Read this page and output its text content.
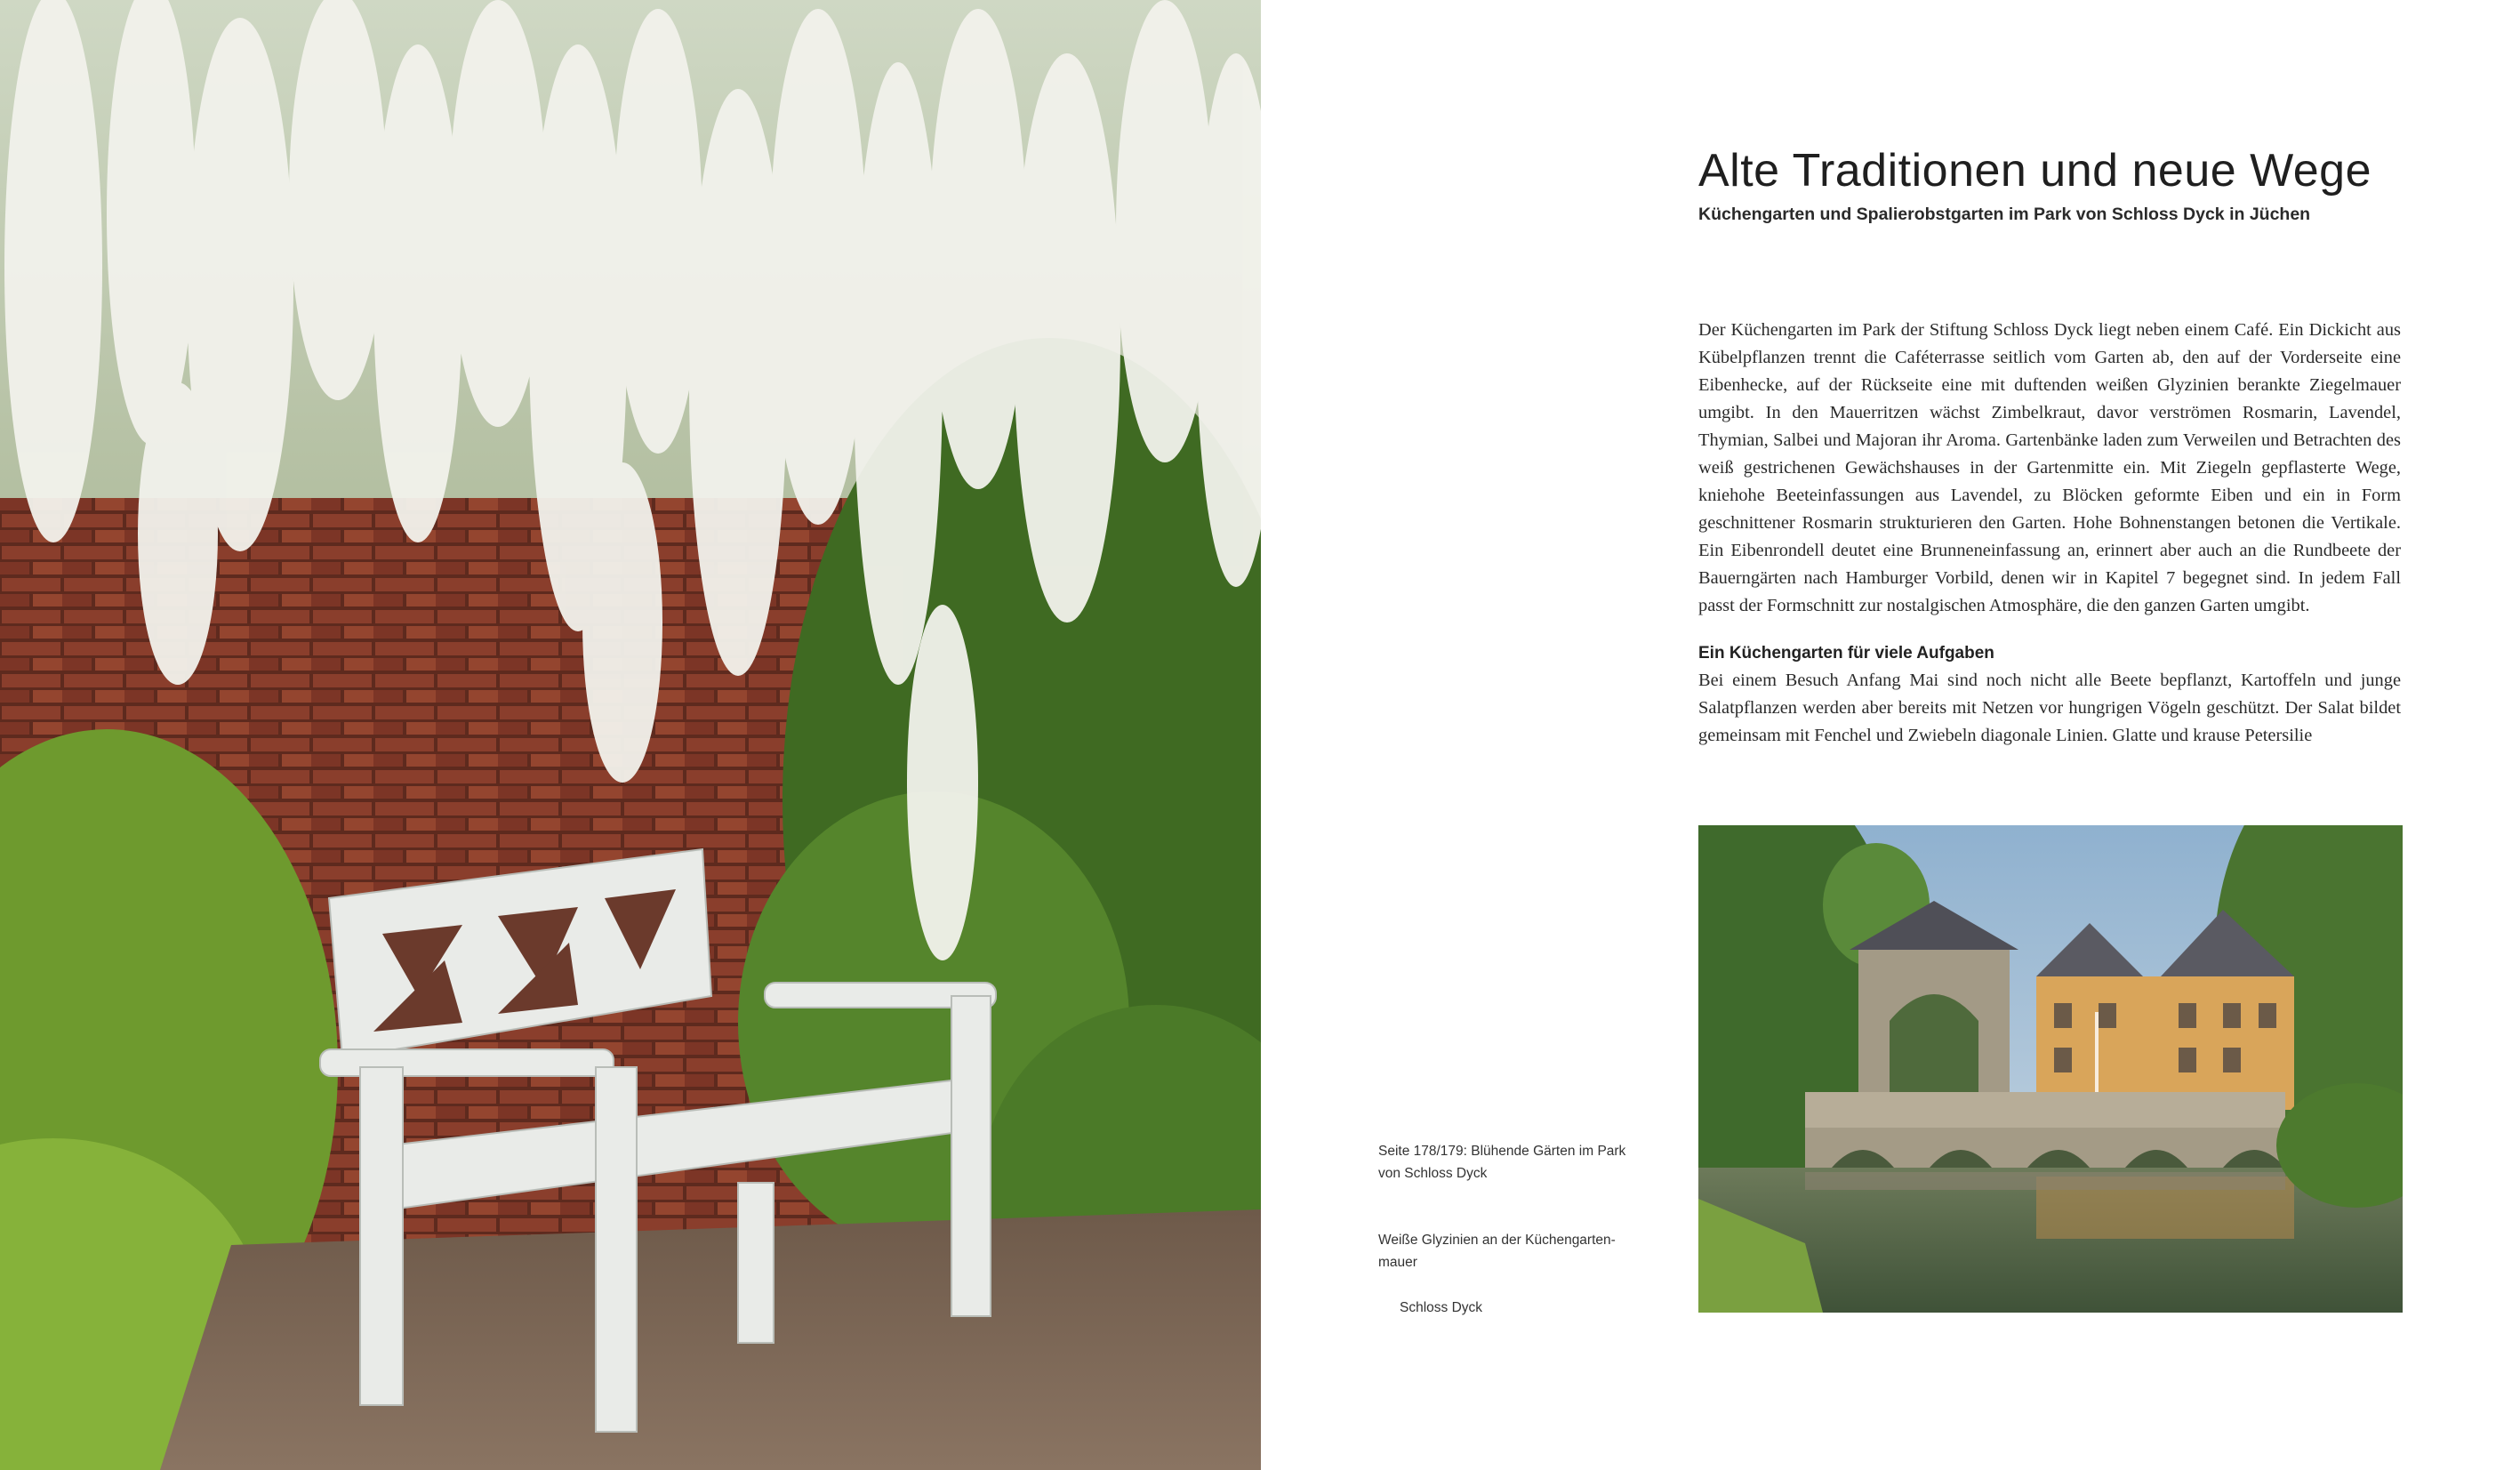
Alte Traditionen und neue Wege
Küchengarten und Spalierobstgarten im Park von Schloss Dyck in Jüchen

Der Küchengarten im Park der Stiftung Schloss Dyck liegt neben einem Café. Ein Dickicht aus Kübelpflanzen trennt die Caféterrasse seitlich vom Garten ab, den auf der Vorderseite eine Eibenhecke, auf der Rückseite eine mit duftenden weißen Glyzinien berankte Ziegelmauer umgibt. In den Mauerritzen wächst Zimbelkraut, davor verströmen Rosmarin, Lavendel, Thymian, Salbei und Majoran ihr Aroma. Gartenbänke laden zum Verweilen und Betrachten des weiß gestrichenen Gewächshauses in der Gartenmitte ein. Mit Ziegeln gepflasterte Wege, kniehohe Beeteinfassungen aus Lavendel, zu Blöcken geformte Eiben und ein in Form geschnittener Rosmarin strukturieren den Garten. Hohe Bohnenstangen betonen die Vertikale. Ein Eibenrondell deutet eine Brunneneinfassung an, erinnert aber auch an die Rundbeete der Bauerngärten nach Hamburger Vorbild, denen wir in Kapitel 7 begegnet sind. In jedem Fall passt der Formschnitt zur nostalgischen Atmosphäre, die den ganzen Garten umgibt.

Ein Küchengarten für viele Aufgaben

Bei einem Besuch Anfang Mai sind noch nicht alle Beete bepflanzt, Kartoffeln und junge Salatpflanzen werden aber bereits mit Netzen vor hungrigen Vögeln geschützt. Der Salat bildet gemeinsam mit Fenchel und Zwiebeln diagonale Linien. Glatte und krause Petersilie

Seite 178/179: Blühende Gärten im Park von Schloss Dyck

Weiße Glyzinien an der Küchengartenmauer

Schloss Dyck
